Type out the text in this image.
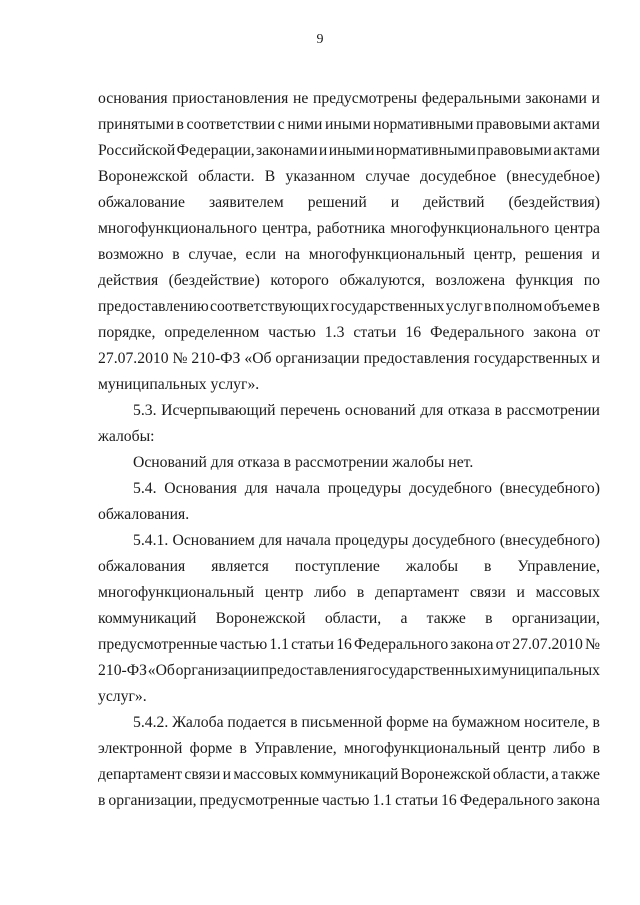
9
основания приостановления не предусмотрены федеральными законами и
принятыми в соответствии с ними иными нормативными правовыми актами
Российской Федерации, законами и иными нормативными правовыми актами
Воронежской области. В указанном случае досудебное (внесудебное)
обжалование заявителем решений и действий (бездействия)
многофункционального центра, работника многофункционального центра
возможно в случае, если на многофункциональный центр, решения и
действия (бездействие) которого обжалуются, возложена функция по
предоставлению соответствующих государственных услуг в полном объеме в
порядке, определенном частью 1.3 статьи 16 Федерального закона от
27.07.2010 № 210-ФЗ «Об организации предоставления государственных и
муниципальных услуг».
5.3. Исчерпывающий перечень оснований для отказа в рассмотрении
жалобы:
Оснований для отказа в рассмотрении жалобы нет.
5.4. Основания для начала процедуры досудебного (внесудебного)
обжалования.
5.4.1. Основанием для начала процедуры досудебного (внесудебного)
обжалования является поступление жалобы в Управление,
многофункциональный центр либо в департамент связи и массовых
коммуникаций Воронежской области, а также в организации,
предусмотренные частью 1.1 статьи 16 Федерального закона от 27.07.2010 №
210-ФЗ «Об организации предоставления государственных и муниципальных
услуг».
5.4.2. Жалоба подается в письменной форме на бумажном носителе, в
электронной форме в Управление, многофункциональный центр либо в
департамент связи и массовых коммуникаций Воронежской области, а также
в организации, предусмотренные частью 1.1 статьи 16 Федерального закона
